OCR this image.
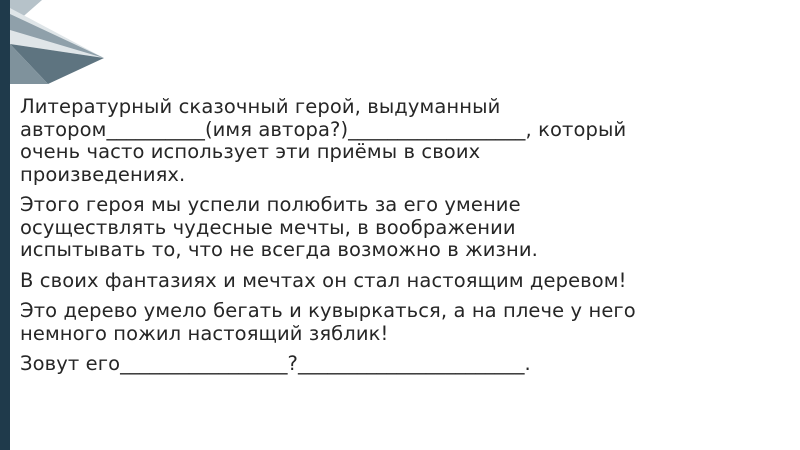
Литературный сказочный герой, выдуманный
автором__________(имя автора?)__________________, который
очень часто использует эти приёмы в своих
произведениях.

Этого героя мы успели полюбить за его умение
осуществлять чудесные мечты, в воображении
испытывать то, что не всегда возможно в жизни.

В своих фантазиях и мечтах он стал настоящим деревом!

Это дерево умело бегать и кувыркаться, а на плече у него
немного пожил настоящий зяблик!

Зовут его_________________?_______________________.
